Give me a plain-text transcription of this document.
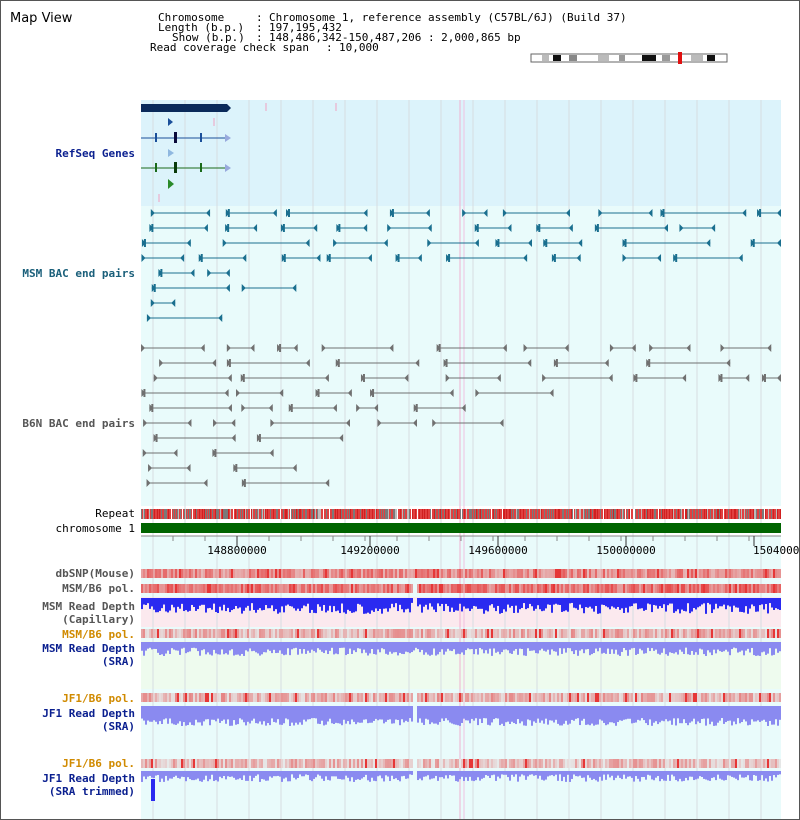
148800000	149200000	149600000	150000000	1504000
Map View	Chromosome	: Chromosome 1, reference assembly (C57BL/6J) (Build 37)
Length (b.p.) : 197,195,432
Show (b.p.) : 148,486,342-150,487,206 : 2,000,865 bp
Read coverage check span : 10,000
RefSeq Genes
MSM BAC end pairs
B6N BAC end pairs
Repeat
chromosome 1
dbSNP(Mouse)
MSM/B6 pol.
MSM Read Depth
(Capillary)
MSM/B6 pol.
MSM Read Depth
(SRA)
JF1/B6 pol.
JF1 Read Depth
(SRA)
JF1/B6 pol.
JF1 Read Depth
(SRA trimmed)
